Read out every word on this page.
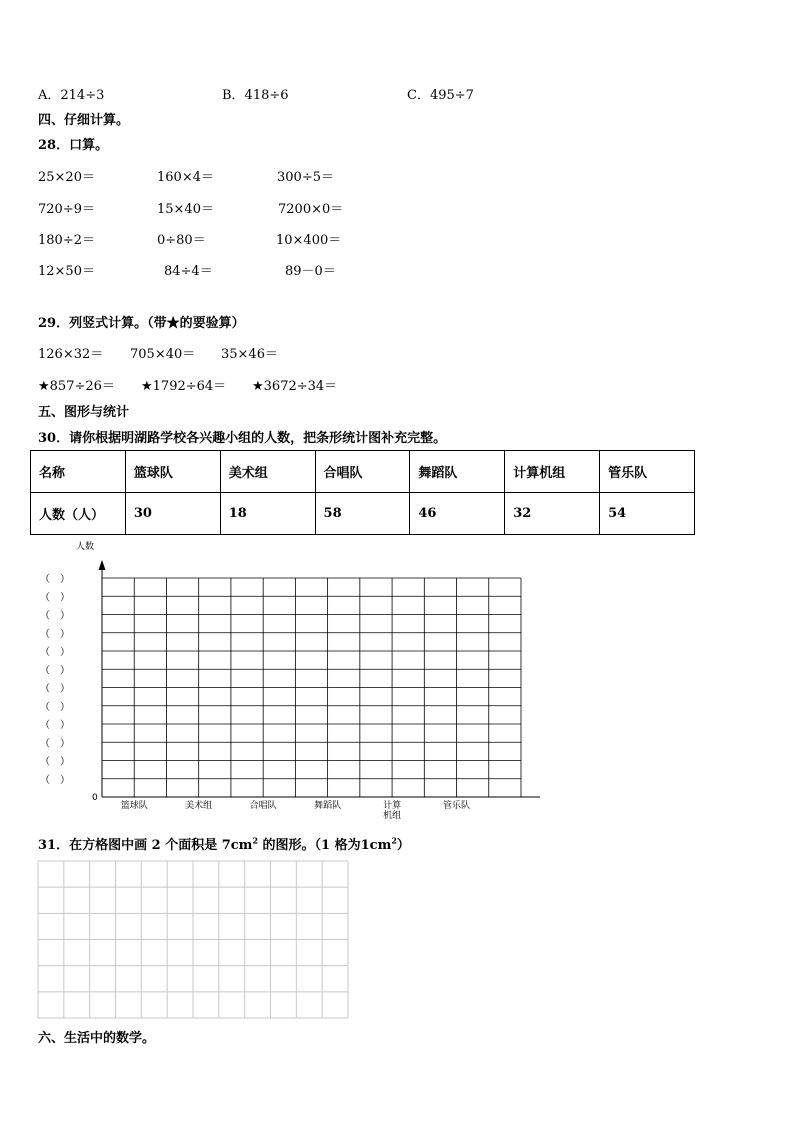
A．214÷3	B．418÷6	C．495÷7
四、仔细计算。
28．口算。
25×20＝	160×4＝	300÷5＝
720÷9＝	15×40＝	7200×0＝
180÷2＝	0÷80＝	10×400＝
12×50＝	84÷4＝	89－0＝
29．列竖式计算。（带★的要验算）
126×32＝ 705×40＝ 35×46＝
★857÷26＝ ★1792÷64＝ ★3672÷34＝
五、图形与统计
30．请你根据明湖路学校各兴趣小组的人数，把条形统计图补充完整。
名称	篮球队	美术组	合唱队	舞蹈队	计算机组	管乐队
人数（人）	30	18	58	46	32	54
人数
0
（　）
（　）
（　）
（　）
（　）
（　）
（　）
（　）
（　）
（　）
（　）
（　）
篮球队	美术组	合唱队	舞蹈队	计算
机组
管乐队
31．在方格图中画 2 个面积是 $7cm^2$ 的图形。（1 格为$1cm^2$）
六、生活中的数学。
